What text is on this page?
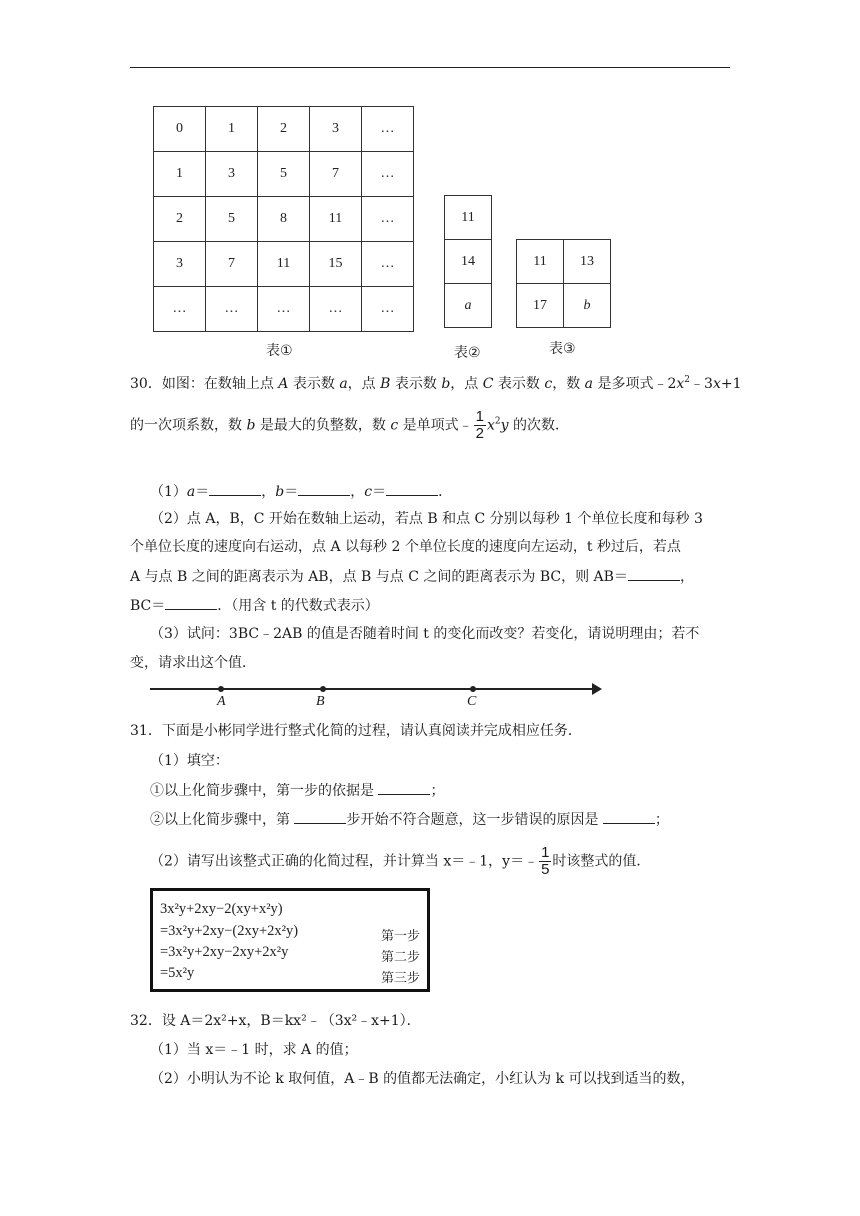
0	1	2	3	…
1	3	5	7	…
2	5	8	11	…
3	7	11	15	…
…	…	…	…	…
表①
11
14
a
表②
11	13
17	b
表③
30．如图：在数轴上点 A 表示数 a，点 B 表示数 b，点 C 表示数 c，数 a 是多项式$﹣2x^2﹣3x+1$
的一次项系数，数 b 是最大的负整数，数 c 是单项式﹣ $\frac{1}{2} x^2y$ 的次数．
（1）a＝	，b＝	，c＝	．
（2）点 A，B，C 开始在数轴上运动，若点 B 和点 C 分别以每秒 1 个单位长度和每秒 3
个单位长度的速度向右运动，点 A 以每秒 2 个单位长度的速度向左运动，t 秒过后，若点
A 与点 B 之间的距离表示为 AB，点 B 与点 C 之间的距离表示为 BC，则 AB＝	，
BC＝	．（用含 t 的代数式表示）
（3）试问：3BC﹣2AB 的值是否随着时间 t 的变化而改变？若变化，请说明理由；若不
变，请求出这个值．
A	B	C
31．下面是小彬同学进行整式化简的过程，请认真阅读并完成相应任务．
（1）填空：
①以上化简步骤中，第一步的依据是	；
②以上化简步骤中，第	步开始不符合题意，这一步错误的原因是	；
（2）请写出该整式正确的化简过程，并计算当 x＝﹣1，y＝﹣ $\frac{1}{5}$ 时该整式的值．
3x²y+2xy−2(xy+x²y)
=3x²y+2xy−(2xy+2x²y)	第一步
=3x²y+2xy−2xy+2x²y	第二步
=5x²y	第三步
32．设 A＝2x²+x，B＝kx²﹣（3x²﹣x+1）．
（1）当 x＝﹣1 时，求 A 的值；
（2）小明认为不论 k 取何值，A﹣B 的值都无法确定，小红认为 k 可以找到适当的数，
